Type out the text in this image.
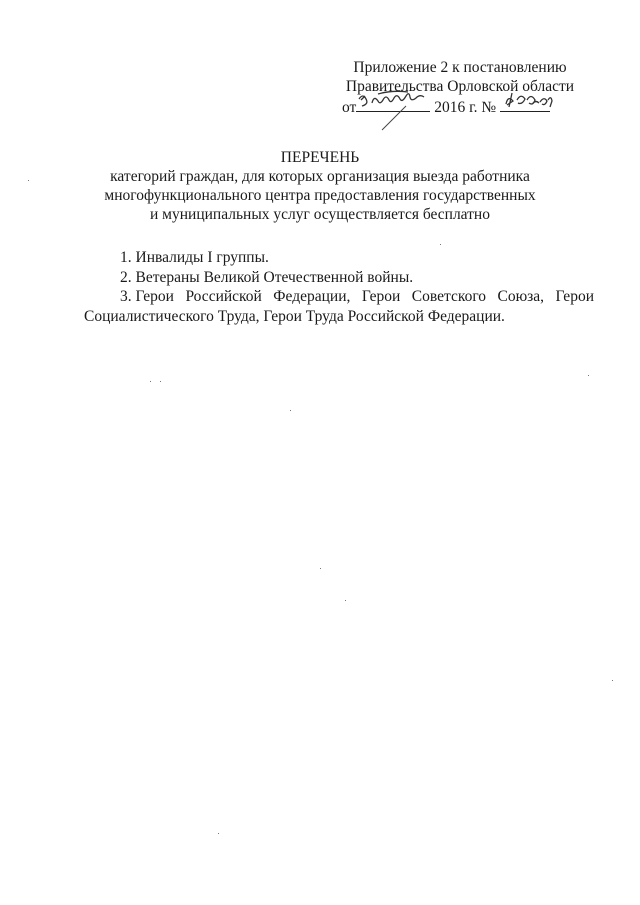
Приложение 2 к постановлению
Правительства Орловской области
от	2016 г. №
ПЕРЕЧЕНЬ
категорий граждан, для которых организация выезда работника
многофункционального центра предоставления государственных
и муниципальных услуг осуществляется бесплатно
1. Инвалиды I группы.
2. Ветераны Великой Отечественной войны.
3. Герои Российской Федерации, Герои Советского Союза, Герои
Социалистического Труда, Герои Труда Российской Федерации.
